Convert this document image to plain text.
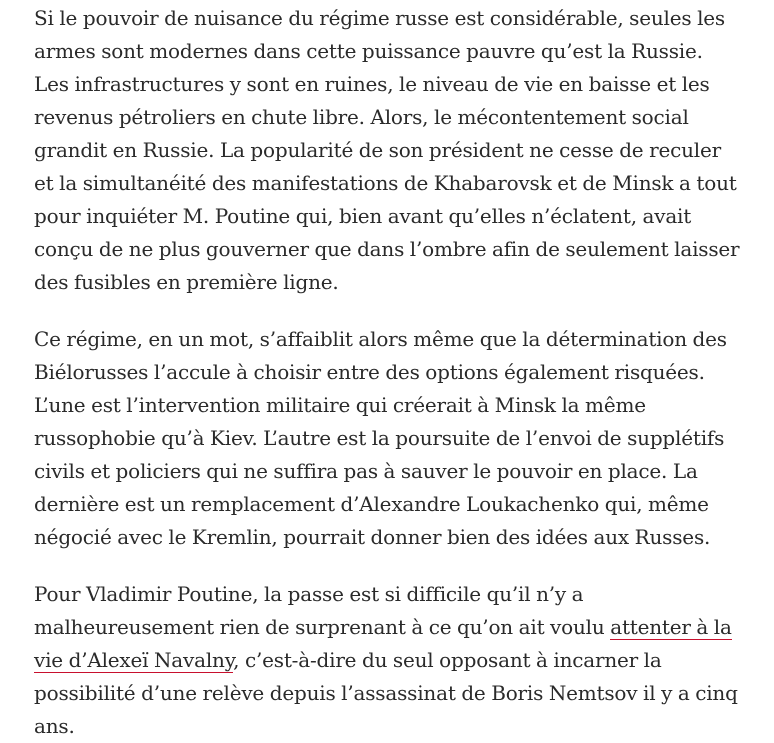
Si le pouvoir de nuisance du régime russe est considérable, seules les armes sont modernes dans cette puissance pauvre qu’est la Russie. Les infrastructures y sont en ruines, le niveau de vie en baisse et les revenus pétroliers en chute libre. Alors, le mécontentement social grandit en Russie. La popularité de son président ne cesse de reculer et la simultanéité des manifestations de Khabarovsk et de Minsk a tout pour inquiéter M. Poutine qui, bien avant qu’elles n’éclatent, avait conçu de ne plus gouverner que dans l’ombre afin de seulement laisser des fusibles en première ligne.

Ce régime, en un mot, s’affaiblit alors même que la détermination des Biélorusses l’accule à choisir entre des options également risquées. L’une est l’intervention militaire qui créerait à Minsk la même russophobie qu’à Kiev. L’autre est la poursuite de l’envoi de supplétifs civils et policiers qui ne suffira pas à sauver le pouvoir en place. La dernière est un remplacement d’Alexandre Loukachenko qui, même négocié avec le Kremlin, pourrait donner bien des idées aux Russes.

Pour Vladimir Poutine, la passe est si difficile qu’il n’y a malheureusement rien de surprenant à ce qu’on ait voulu attenter à la vie d’Alexeï Navalny, c’est-à-dire du seul opposant à incarner la possibilité d’une relève depuis l’assassinat de Boris Nemtsov il y a cinq ans.
